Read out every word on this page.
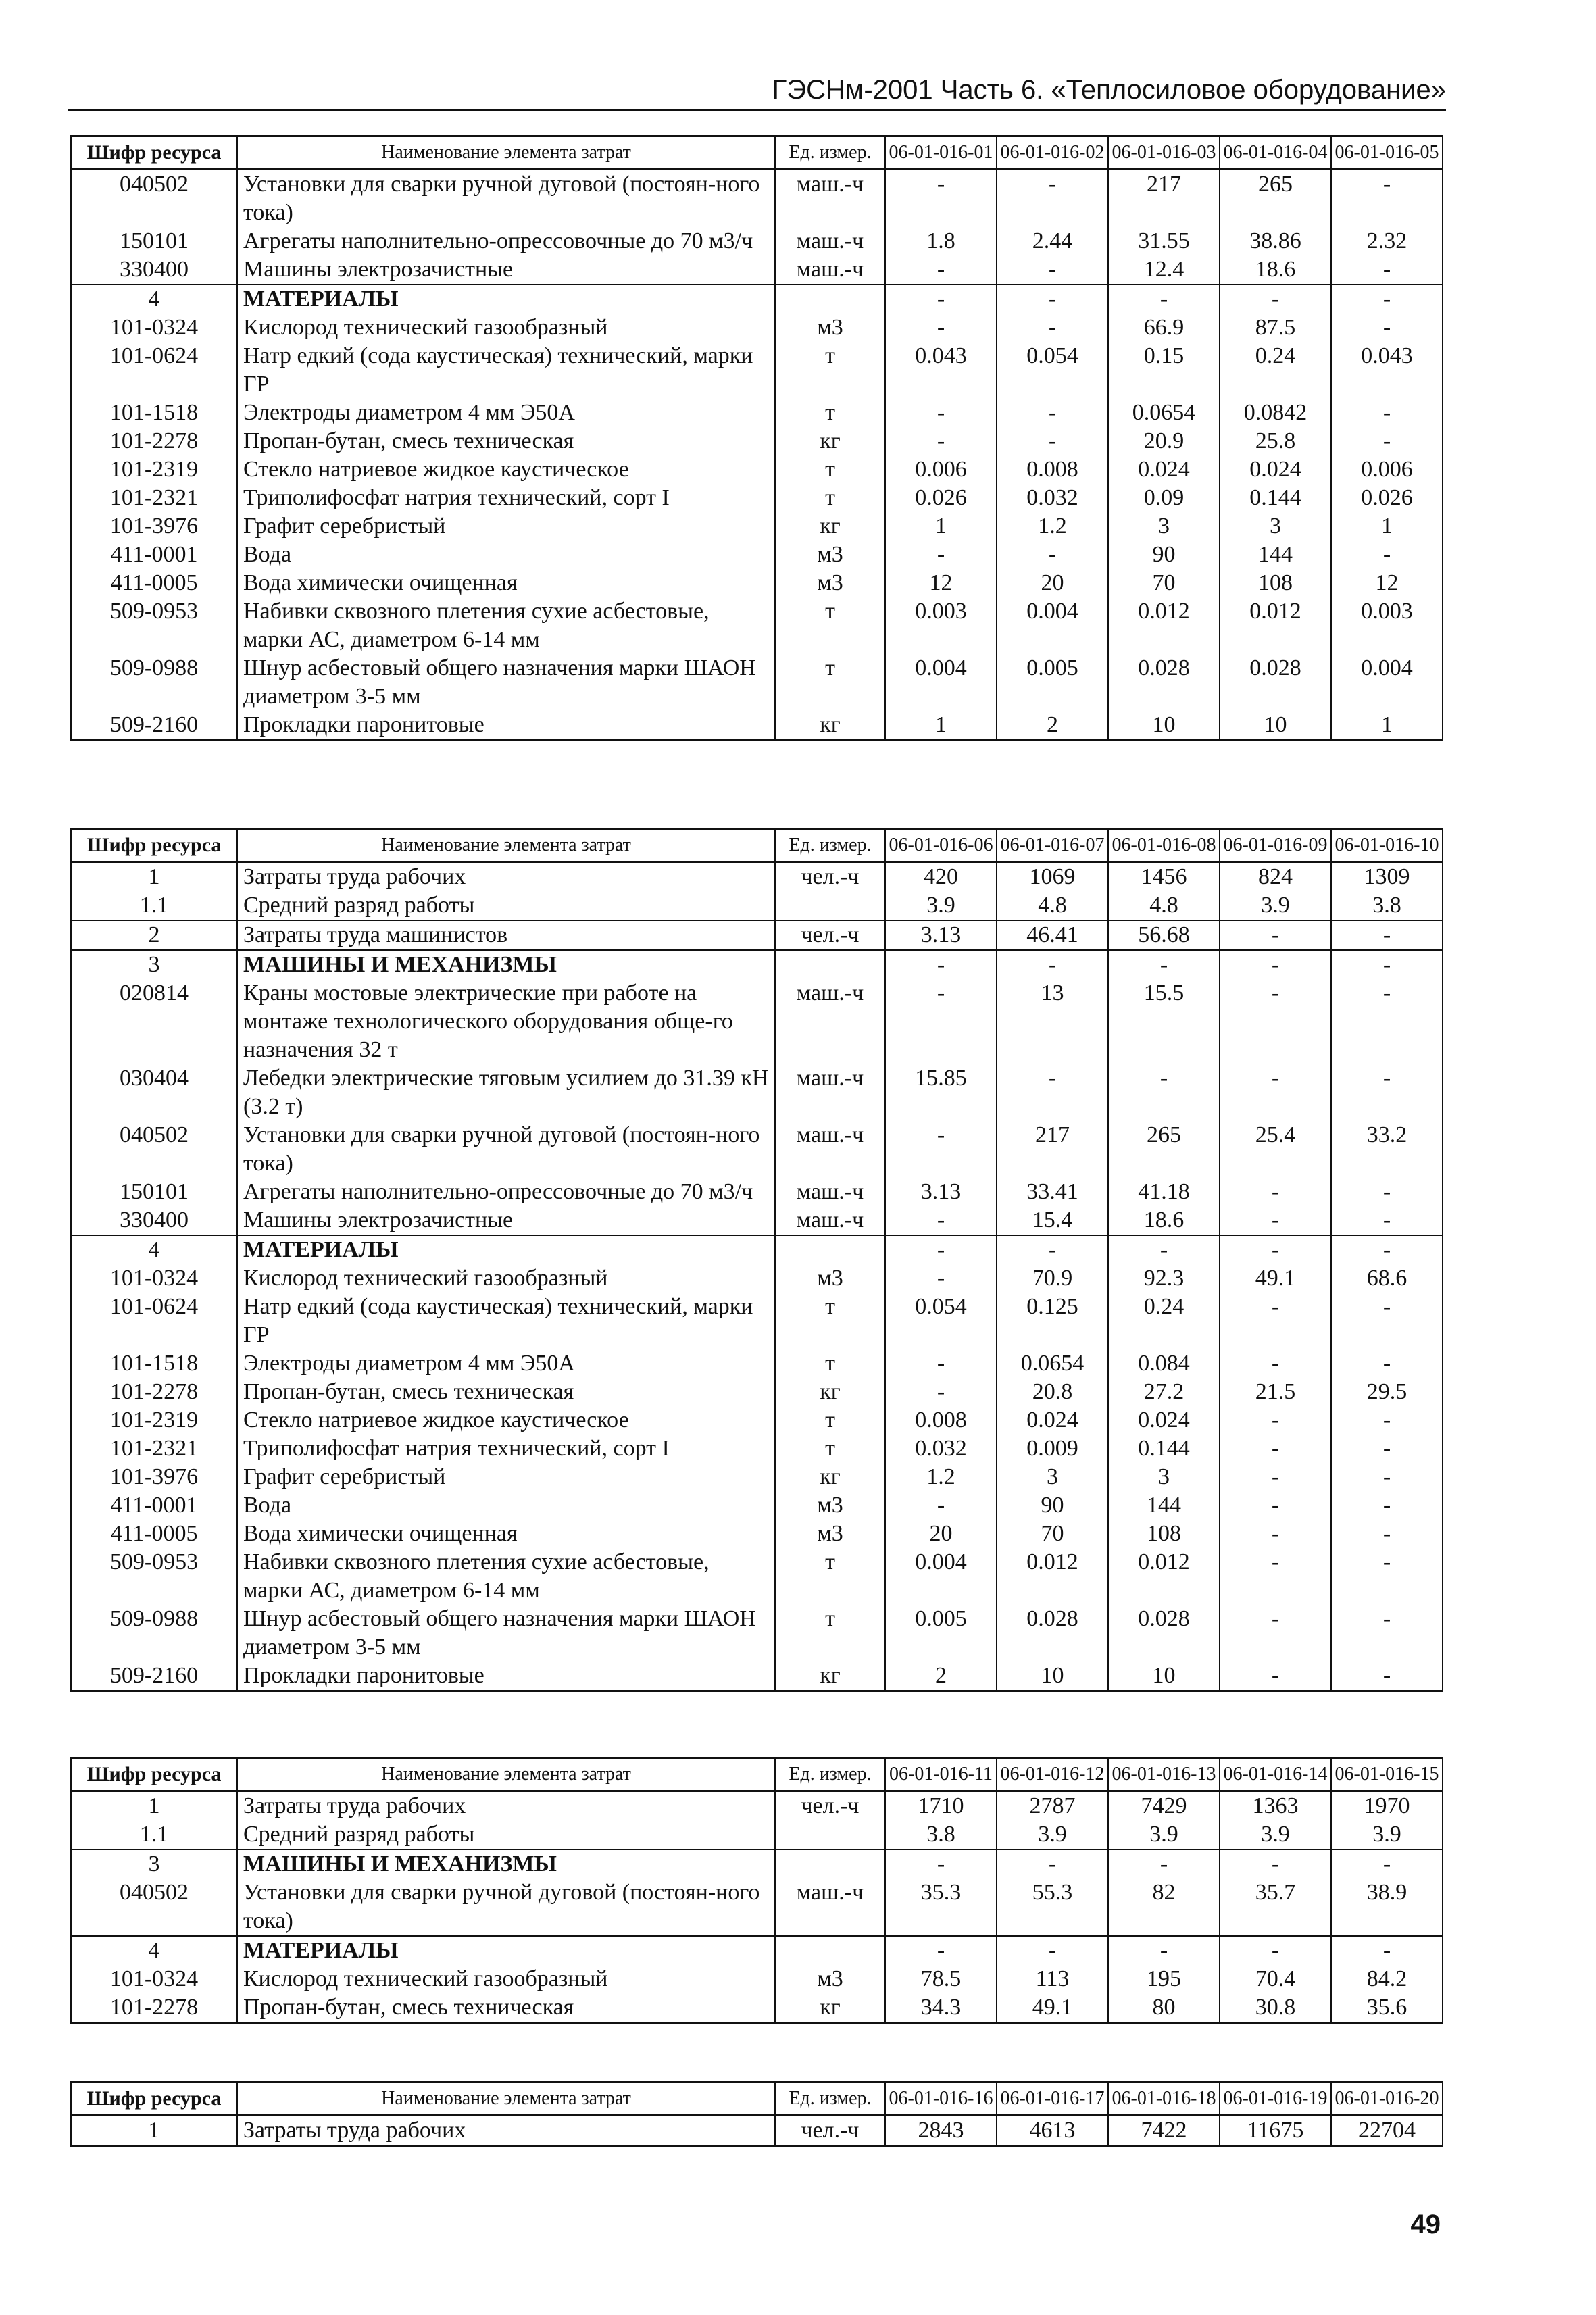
ГЭСНм-2001 Часть 6. «Теплосиловое оборудование»
Шифр ресурса	Наименование элемента затрат	Ед. измер.	06-01-016-01	06-01-016-02	06-01-016-03	06-01-016-04	06-01-016-05
040502	Установки для сварки ручной дуговой (постоян-ного тока)	маш.-ч	-	-	217	265	-
150101	Агрегаты наполнительно-опрессовочные до 70 м3/ч	маш.-ч	1.8	2.44	31.55	38.86	2.32
330400	Машины электрозачистные	маш.-ч	-	-	12.4	18.6	-
4	МАТЕРИАЛЫ		-	-	-	-	-
101-0324	Кислород технический газообразный	м3	-	-	66.9	87.5	-
101-0624	Натр едкий (сода каустическая) технический, марки ГР	т	0.043	0.054	0.15	0.24	0.043
101-1518	Электроды диаметром 4 мм Э50А	т	-	-	0.0654	0.0842	-
101-2278	Пропан-бутан, смесь техническая	кг	-	-	20.9	25.8	-
101-2319	Стекло натриевое жидкое каустическое	т	0.006	0.008	0.024	0.024	0.006
101-2321	Триполифосфат натрия технический, сорт I	т	0.026	0.032	0.09	0.144	0.026
101-3976	Графит серебристый	кг	1	1.2	3	3	1
411-0001	Вода	м3	-	-	90	144	-
411-0005	Вода химически очищенная	м3	12	20	70	108	12
509-0953	Набивки сквозного плетения сухие асбестовые, марки АС, диаметром 6-14 мм	т	0.003	0.004	0.012	0.012	0.003
509-0988	Шнур асбестовый общего назначения марки ШАОН диаметром 3-5 мм	т	0.004	0.005	0.028	0.028	0.004
509-2160	Прокладки паронитовые	кг	1	2	10	10	1
Шифр ресурса	Наименование элемента затрат	Ед. измер.	06-01-016-06	06-01-016-07	06-01-016-08	06-01-016-09	06-01-016-10
1	Затраты труда рабочих	чел.-ч	420	1069	1456	824	1309
1.1	Средний разряд работы		3.9	4.8	4.8	3.9	3.8
2	Затраты труда машинистов	чел.-ч	3.13	46.41	56.68	-	-
3	МАШИНЫ И МЕХАНИЗМЫ		-	-	-	-	-
020814	Краны мостовые электрические при работе на монтаже технологического оборудования обще-го назначения 32 т	маш.-ч	-	13	15.5	-	-
030404	Лебедки электрические тяговым усилием до 31.39 кН (3.2 т)	маш.-ч	15.85	-	-	-	-
040502	Установки для сварки ручной дуговой (постоян-ного тока)	маш.-ч	-	217	265	25.4	33.2
150101	Агрегаты наполнительно-опрессовочные до 70 м3/ч	маш.-ч	3.13	33.41	41.18	-	-
330400	Машины электрозачистные	маш.-ч	-	15.4	18.6	-	-
4	МАТЕРИАЛЫ		-	-	-	-	-
101-0324	Кислород технический газообразный	м3	-	70.9	92.3	49.1	68.6
101-0624	Натр едкий (сода каустическая) технический, марки ГР	т	0.054	0.125	0.24	-	-
101-1518	Электроды диаметром 4 мм Э50А	т	-	0.0654	0.084	-	-
101-2278	Пропан-бутан, смесь техническая	кг	-	20.8	27.2	21.5	29.5
101-2319	Стекло натриевое жидкое каустическое	т	0.008	0.024	0.024	-	-
101-2321	Триполифосфат натрия технический, сорт I	т	0.032	0.009	0.144	-	-
101-3976	Графит серебристый	кг	1.2	3	3	-	-
411-0001	Вода	м3	-	90	144	-	-
411-0005	Вода химически очищенная	м3	20	70	108	-	-
509-0953	Набивки сквозного плетения сухие асбестовые, марки АС, диаметром 6-14 мм	т	0.004	0.012	0.012	-	-
509-0988	Шнур асбестовый общего назначения марки ШАОН диаметром 3-5 мм	т	0.005	0.028	0.028	-	-
509-2160	Прокладки паронитовые	кг	2	10	10	-	-
Шифр ресурса	Наименование элемента затрат	Ед. измер.	06-01-016-11	06-01-016-12	06-01-016-13	06-01-016-14	06-01-016-15
1	Затраты труда рабочих	чел.-ч	1710	2787	7429	1363	1970
1.1	Средний разряд работы		3.8	3.9	3.9	3.9	3.9
3	МАШИНЫ И МЕХАНИЗМЫ		-	-	-	-	-
040502	Установки для сварки ручной дуговой (постоян-ного тока)	маш.-ч	35.3	55.3	82	35.7	38.9
4	МАТЕРИАЛЫ		-	-	-	-	-
101-0324	Кислород технический газообразный	м3	78.5	113	195	70.4	84.2
101-2278	Пропан-бутан, смесь техническая	кг	34.3	49.1	80	30.8	35.6
Шифр ресурса	Наименование элемента затрат	Ед. измер.	06-01-016-16	06-01-016-17	06-01-016-18	06-01-016-19	06-01-016-20
1	Затраты труда рабочих	чел.-ч	2843	4613	7422	11675	22704
49
